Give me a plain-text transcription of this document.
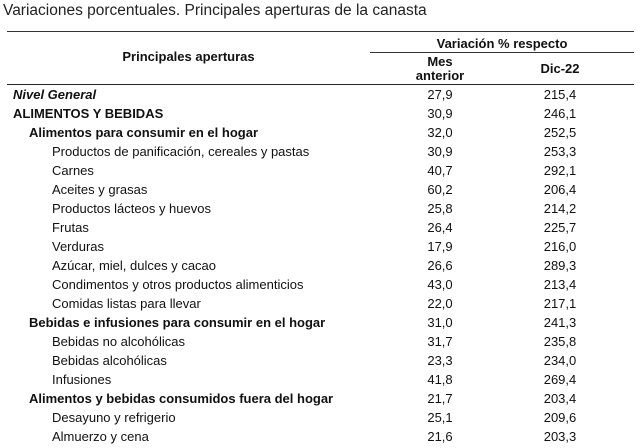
Variaciones porcentuales. Principales aperturas de la canasta
Principales aperturas
Variación % respecto
Mes
anterior	Dic-22
Nivel General	27,9	215,4
ALIMENTOS Y BEBIDAS	30,9	246,1
Alimentos para consumir en el hogar	32,0	252,5
Productos de panificación, cereales y pastas	30,9	253,3
Carnes	40,7	292,1
Aceites y grasas	60,2	206,4
Productos lácteos y huevos	25,8	214,2
Frutas	26,4	225,7
Verduras	17,9	216,0
Azúcar, miel, dulces y cacao	26,6	289,3
Condimentos y otros productos alimenticios	43,0	213,4
Comidas listas para llevar	22,0	217,1
Bebidas e infusiones para consumir en el hogar	31,0	241,3
Bebidas no alcohólicas	31,7	235,8
Bebidas alcohólicas	23,3	234,0
Infusiones	41,8	269,4
Alimentos y bebidas consumidos fuera del hogar	21,7	203,4
Desayuno y refrigerio	25,1	209,6
Almuerzo y cena	21,6	203,3
